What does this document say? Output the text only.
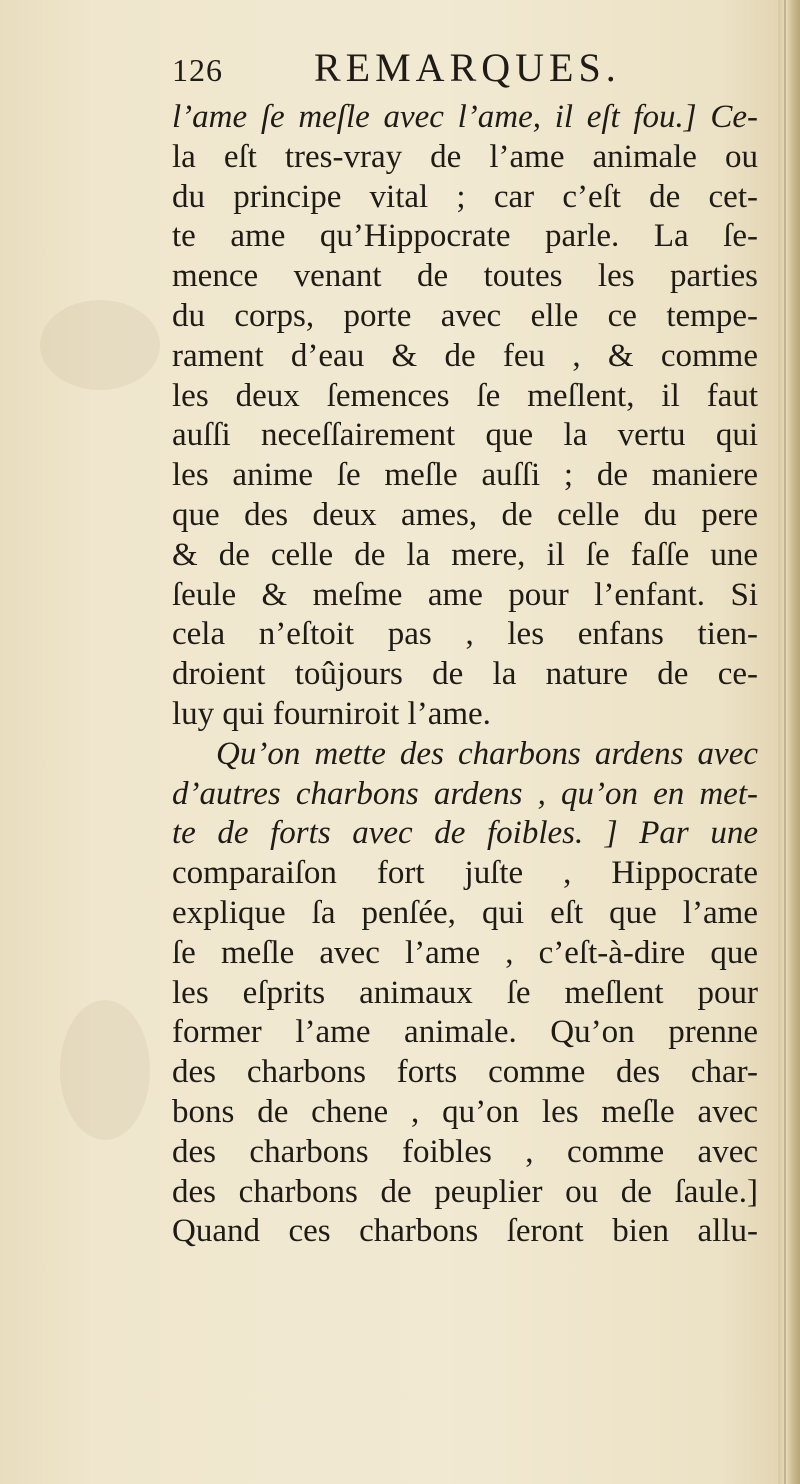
126	REMARQUES.
l’ame ſe meſle avec l’ame, il eſt fou.] Ce-
la eſt tres-vray de l’ame animale ou
du principe vital ; car c’eſt de cet-
te ame qu’Hippocrate parle. La ſe-
mence venant de toutes les parties
du corps, porte avec elle ce tempe-
rament d’eau & de feu , & comme
les deux ſemences ſe meſlent, il faut
auſſi neceſſairement que la vertu qui
les anime ſe meſle auſſi ; de maniere
que des deux ames, de celle du pere
& de celle de la mere, il ſe faſſe une
ſeule & meſme ame pour l’enfant. Si
cela n’eſtoit pas , les enfans tien-
droient toûjours de la nature de ce-
luy qui fourniroit l’ame.
Qu’on mette des charbons ardens avec
d’autres charbons ardens , qu’on en met-
te de forts avec de foibles. ] Par une
comparaiſon fort juſte , Hippocrate
explique ſa penſée, qui eſt que l’ame
ſe meſle avec l’ame , c’eſt-à-dire que
les eſprits animaux ſe meſlent pour
former l’ame animale. Qu’on prenne
des charbons forts comme des char-
bons de chene , qu’on les meſle avec
des charbons foibles , comme avec
des charbons de peuplier ou de ſaule.]
Quand ces charbons ſeront bien allu-
